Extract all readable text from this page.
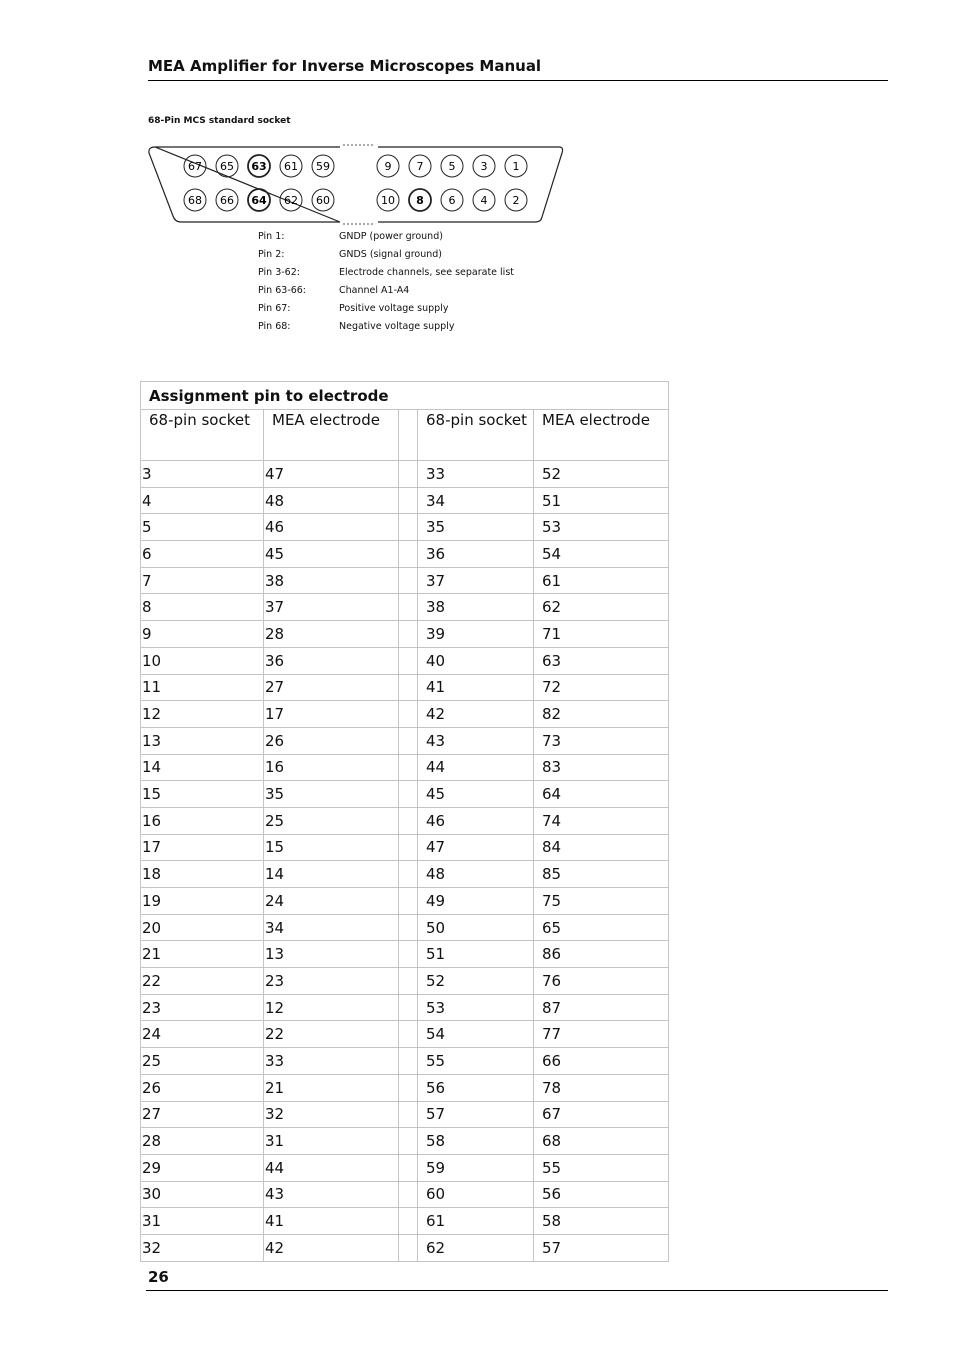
MEA Amplifier for Inverse Microscopes Manual
68-Pin MCS standard socket
67 65 63 61 59	9 7 5 3 1
68 66 64 62 60	10 8 6 4 2
Pin 1:	GNDP (power ground)
Pin 2:	GNDS (signal ground)
Pin 3-62:	Electrode channels, see separate list
Pin 63-66:	Channel A1-A4
Pin 67:	Positive voltage supply
Pin 68:	Negative voltage supply
Assignment pin to electrode				
68-pin socket	MEA electrode		68-pin socket	MEA electrode
3	47		33	52
4	48		34	51
5	46		35	53
6	45		36	54
7	38		37	61
8	37		38	62
9	28		39	71
10	36		40	63
11	27		41	72
12	17		42	82
13	26		43	73
14	16		44	83
15	35		45	64
16	25		46	74
17	15		47	84
18	14		48	85
19	24		49	75
20	34		50	65
21	13		51	86
22	23		52	76
23	12		53	87
24	22		54	77
25	33		55	66
26	21		56	78
27	32		57	67
28	31		58	68
29	44		59	55
30	43		60	56
31	41		61	58
32	42		62	57
26
